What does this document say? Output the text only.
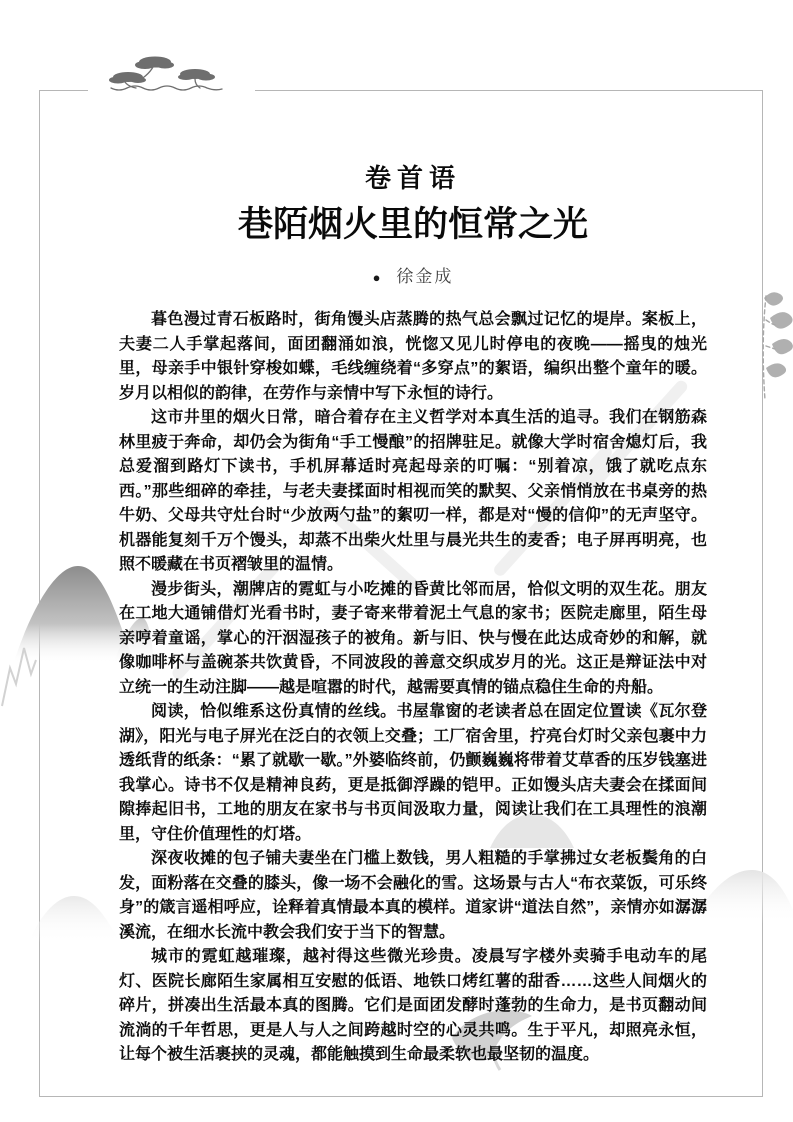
卷首语
巷陌烟火里的恒常之光
● 徐金成

暮色漫过青石板路时，街角馒头店蒸腾的热气总会飘过记忆的堤岸。案板上，夫妻二人手掌起落间，面团翻涌如浪，恍惚又见儿时停电的夜晚——摇曳的烛光里，母亲手中银针穿梭如蝶，毛线缠绕着“多穿点”的絮语，编织出整个童年的暖。岁月以相似的韵律，在劳作与亲情中写下永恒的诗行。

这市井里的烟火日常，暗合着存在主义哲学对本真生活的追寻。我们在钢筋森林里疲于奔命，却仍会为街角“手工慢酿”的招牌驻足。就像大学时宿舍熄灯后，我总爱溜到路灯下读书，手机屏幕适时亮起母亲的叮嘱：“别着凉，饿了就吃点东西。”那些细碎的牵挂，与老夫妻揉面时相视而笑的默契、父亲悄悄放在书桌旁的热牛奶、父母共守灶台时“少放两勺盐”的絮叨一样，都是对“慢的信仰”的无声坚守。机器能复刻千万个馒头，却蒸不出柴火灶里与晨光共生的麦香；电子屏再明亮，也照不暖藏在书页褶皱里的温情。

漫步街头，潮牌店的霓虹与小吃摊的昏黄比邻而居，恰似文明的双生花。朋友在工地大通铺借灯光看书时，妻子寄来带着泥土气息的家书；医院走廊里，陌生母亲哼着童谣，掌心的汗洇湿孩子的被角。新与旧、快与慢在此达成奇妙的和解，就像咖啡杯与盖碗茶共饮黄昏，不同波段的善意交织成岁月的光。这正是辩证法中对立统一的生动注脚——越是喧嚣的时代，越需要真情的锚点稳住生命的舟船。

阅读，恰似维系这份真情的丝线。书屋靠窗的老读者总在固定位置读《瓦尔登湖》，阳光与电子屏光在泛白的衣领上交叠；工厂宿舍里，拧亮台灯时父亲包裹中力透纸背的纸条：“累了就歇一歇。”外婆临终前，仍颤巍巍将带着艾草香的压岁钱塞进我掌心。诗书不仅是精神良药，更是抵御浮躁的铠甲。正如馒头店夫妻会在揉面间隙捧起旧书，工地的朋友在家书与书页间汲取力量，阅读让我们在工具理性的浪潮里，守住价值理性的灯塔。

深夜收摊的包子铺夫妻坐在门槛上数钱，男人粗糙的手掌拂过女老板鬓角的白发，面粉落在交叠的膝头，像一场不会融化的雪。这场景与古人“布衣菜饭，可乐终身”的箴言遥相呼应，诠释着真情最本真的模样。道家讲“道法自然”，亲情亦如潺潺溪流，在细水长流中教会我们安于当下的智慧。

城市的霓虹越璀璨，越衬得这些微光珍贵。凌晨写字楼外卖骑手电动车的尾灯、医院长廊陌生家属相互安慰的低语、地铁口烤红薯的甜香……这些人间烟火的碎片，拼凑出生活最本真的图腾。它们是面团发酵时蓬勃的生命力，是书页翻动间流淌的千年哲思，更是人与人之间跨越时空的心灵共鸣。生于平凡，却照亮永恒，让每个被生活裹挟的灵魂，都能触摸到生命最柔软也最坚韧的温度。
